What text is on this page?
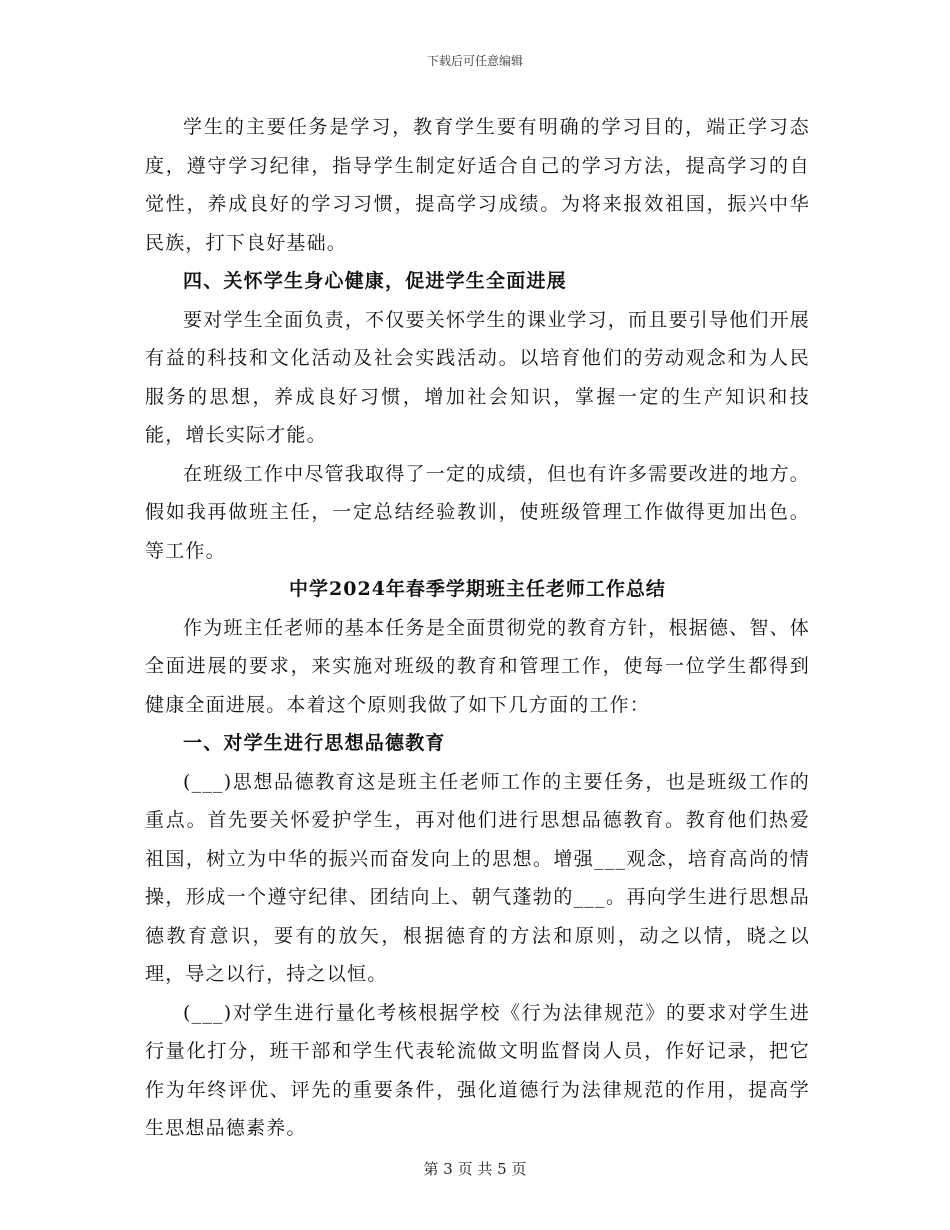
下载后可任意编辑

学生的主要任务是学习，教育学生要有明确的学习目的，端正学习态度，遵守学习纪律，指导学生制定好适合自己的学习方法，提高学习的自觉性，养成良好的学习习惯，提高学习成绩。为将来报效祖国，振兴中华民族，打下良好基础。

四、关怀学生身心健康，促进学生全面进展

要对学生全面负责，不仅要关怀学生的课业学习，而且要引导他们开展有益的科技和文化活动及社会实践活动。以培育他们的劳动观念和为人民服务的思想，养成良好习惯，增加社会知识，掌握一定的生产知识和技能，增长实际才能。

在班级工作中尽管我取得了一定的成绩，但也有许多需要改进的地方。假如我再做班主任，一定总结经验教训，使班级管理工作做得更加出色。等工作。

中学2024年春季学期班主任老师工作总结

作为班主任老师的基本任务是全面贯彻党的教育方针，根据德、智、体全面进展的要求，来实施对班级的教育和管理工作，使每一位学生都得到健康全面进展。本着这个原则我做了如下几方面的工作：

一、对学生进行思想品德教育

(___)思想品德教育这是班主任老师工作的主要任务，也是班级工作的重点。首先要关怀爱护学生，再对他们进行思想品德教育。教育他们热爱祖国，树立为中华的振兴而奋发向上的思想。增强___观念，培育高尚的情操，形成一个遵守纪律、团结向上、朝气蓬勃的___。再向学生进行思想品德教育意识，要有的放矢，根据德育的方法和原则，动之以情，晓之以理，导之以行，持之以恒。

(___)对学生进行量化考核根据学校《行为法律规范》的要求对学生进行量化打分，班干部和学生代表轮流做文明监督岗人员，作好记录，把它作为年终评优、评先的重要条件，强化道德行为法律规范的作用，提高学生思想品德素养。

第 3 页 共 5 页
